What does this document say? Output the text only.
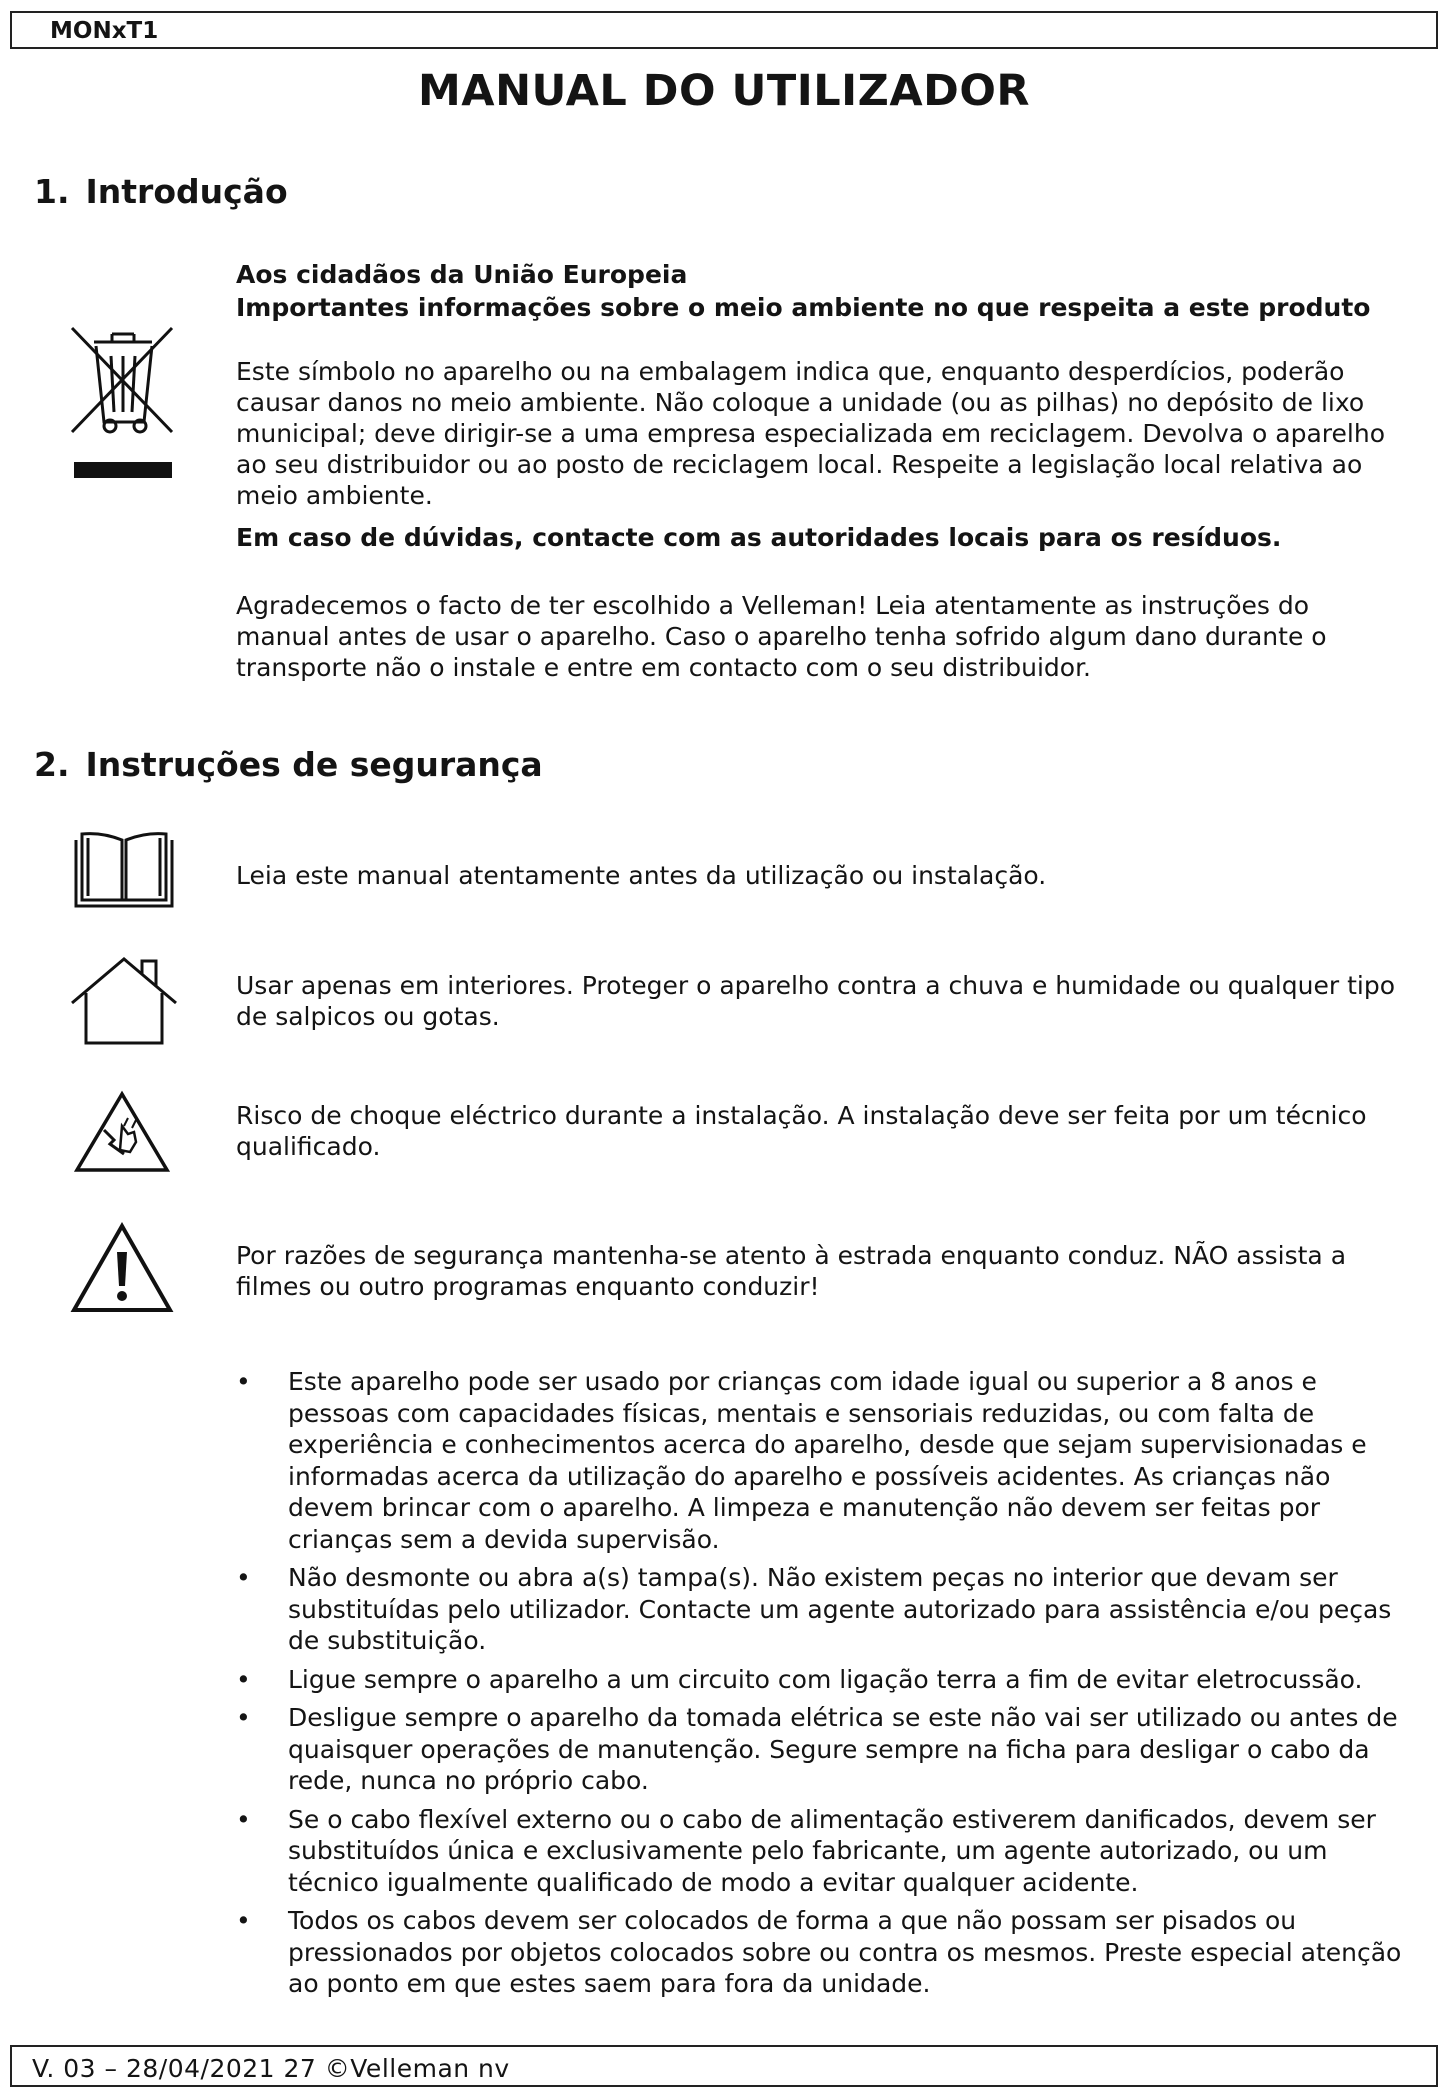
MONxT1
MANUAL DO UTILIZADOR
1. Introdução

Aos cidadãos da União Europeia

Importantes informações sobre o meio ambiente no que respeita a este produto

Este símbolo no aparelho ou na embalagem indica que, enquanto desperdícios, poderão causar danos no meio ambiente. Não coloque a unidade (ou as pilhas) no depósito de lixo municipal; deve dirigir-se a uma empresa especializada em reciclagem. Devolva o aparelho ao seu distribuidor ou ao posto de reciclagem local. Respeite a legislação local relativa ao meio ambiente.

Em caso de dúvidas, contacte com as autoridades locais para os resíduos.

Agradecemos o facto de ter escolhido a Velleman! Leia atentamente as instruções do manual antes de usar o aparelho. Caso o aparelho tenha sofrido algum dano durante o transporte não o instale e entre em contacto com o seu distribuidor.

2. Instruções de segurança

Leia este manual atentamente antes da utilização ou instalação.

Usar apenas em interiores. Proteger o aparelho contra a chuva e humidade ou qualquer tipo de salpicos ou gotas.

Risco de choque eléctrico durante a instalação. A instalação deve ser feita por um técnico qualificado.

Por razões de segurança mantenha-se atento à estrada enquanto conduz. NÃO assista a filmes ou outro programas enquanto conduzir!

• Este aparelho pode ser usado por crianças com idade igual ou superior a 8 anos e pessoas com capacidades físicas, mentais e sensoriais reduzidas, ou com falta de experiência e conhecimentos acerca do aparelho, desde que sejam supervisionadas e informadas acerca da utilização do aparelho e possíveis acidentes. As crianças não devem brincar com o aparelho. A limpeza e manutenção não devem ser feitas por crianças sem a devida supervisão.
• Não desmonte ou abra a(s) tampa(s). Não existem peças no interior que devam ser substituídas pelo utilizador. Contacte um agente autorizado para assistência e/ou peças de substituição.
• Ligue sempre o aparelho a um circuito com ligação terra a fim de evitar eletrocussão.
• Desligue sempre o aparelho da tomada elétrica se este não vai ser utilizado ou antes de quaisquer operações de manutenção. Segure sempre na ficha para desligar o cabo da rede, nunca no próprio cabo.
• Se o cabo flexível externo ou o cabo de alimentação estiverem danificados, devem ser substituídos única e exclusivamente pelo fabricante, um agente autorizado, ou um técnico igualmente qualificado de modo a evitar qualquer acidente.
• Todos os cabos devem ser colocados de forma a que não possam ser pisados ou pressionados por objetos colocados sobre ou contra os mesmos. Preste especial atenção ao ponto em que estes saem para fora da unidade.
V. 03 – 28/04/2021 27 ©Velleman nv
